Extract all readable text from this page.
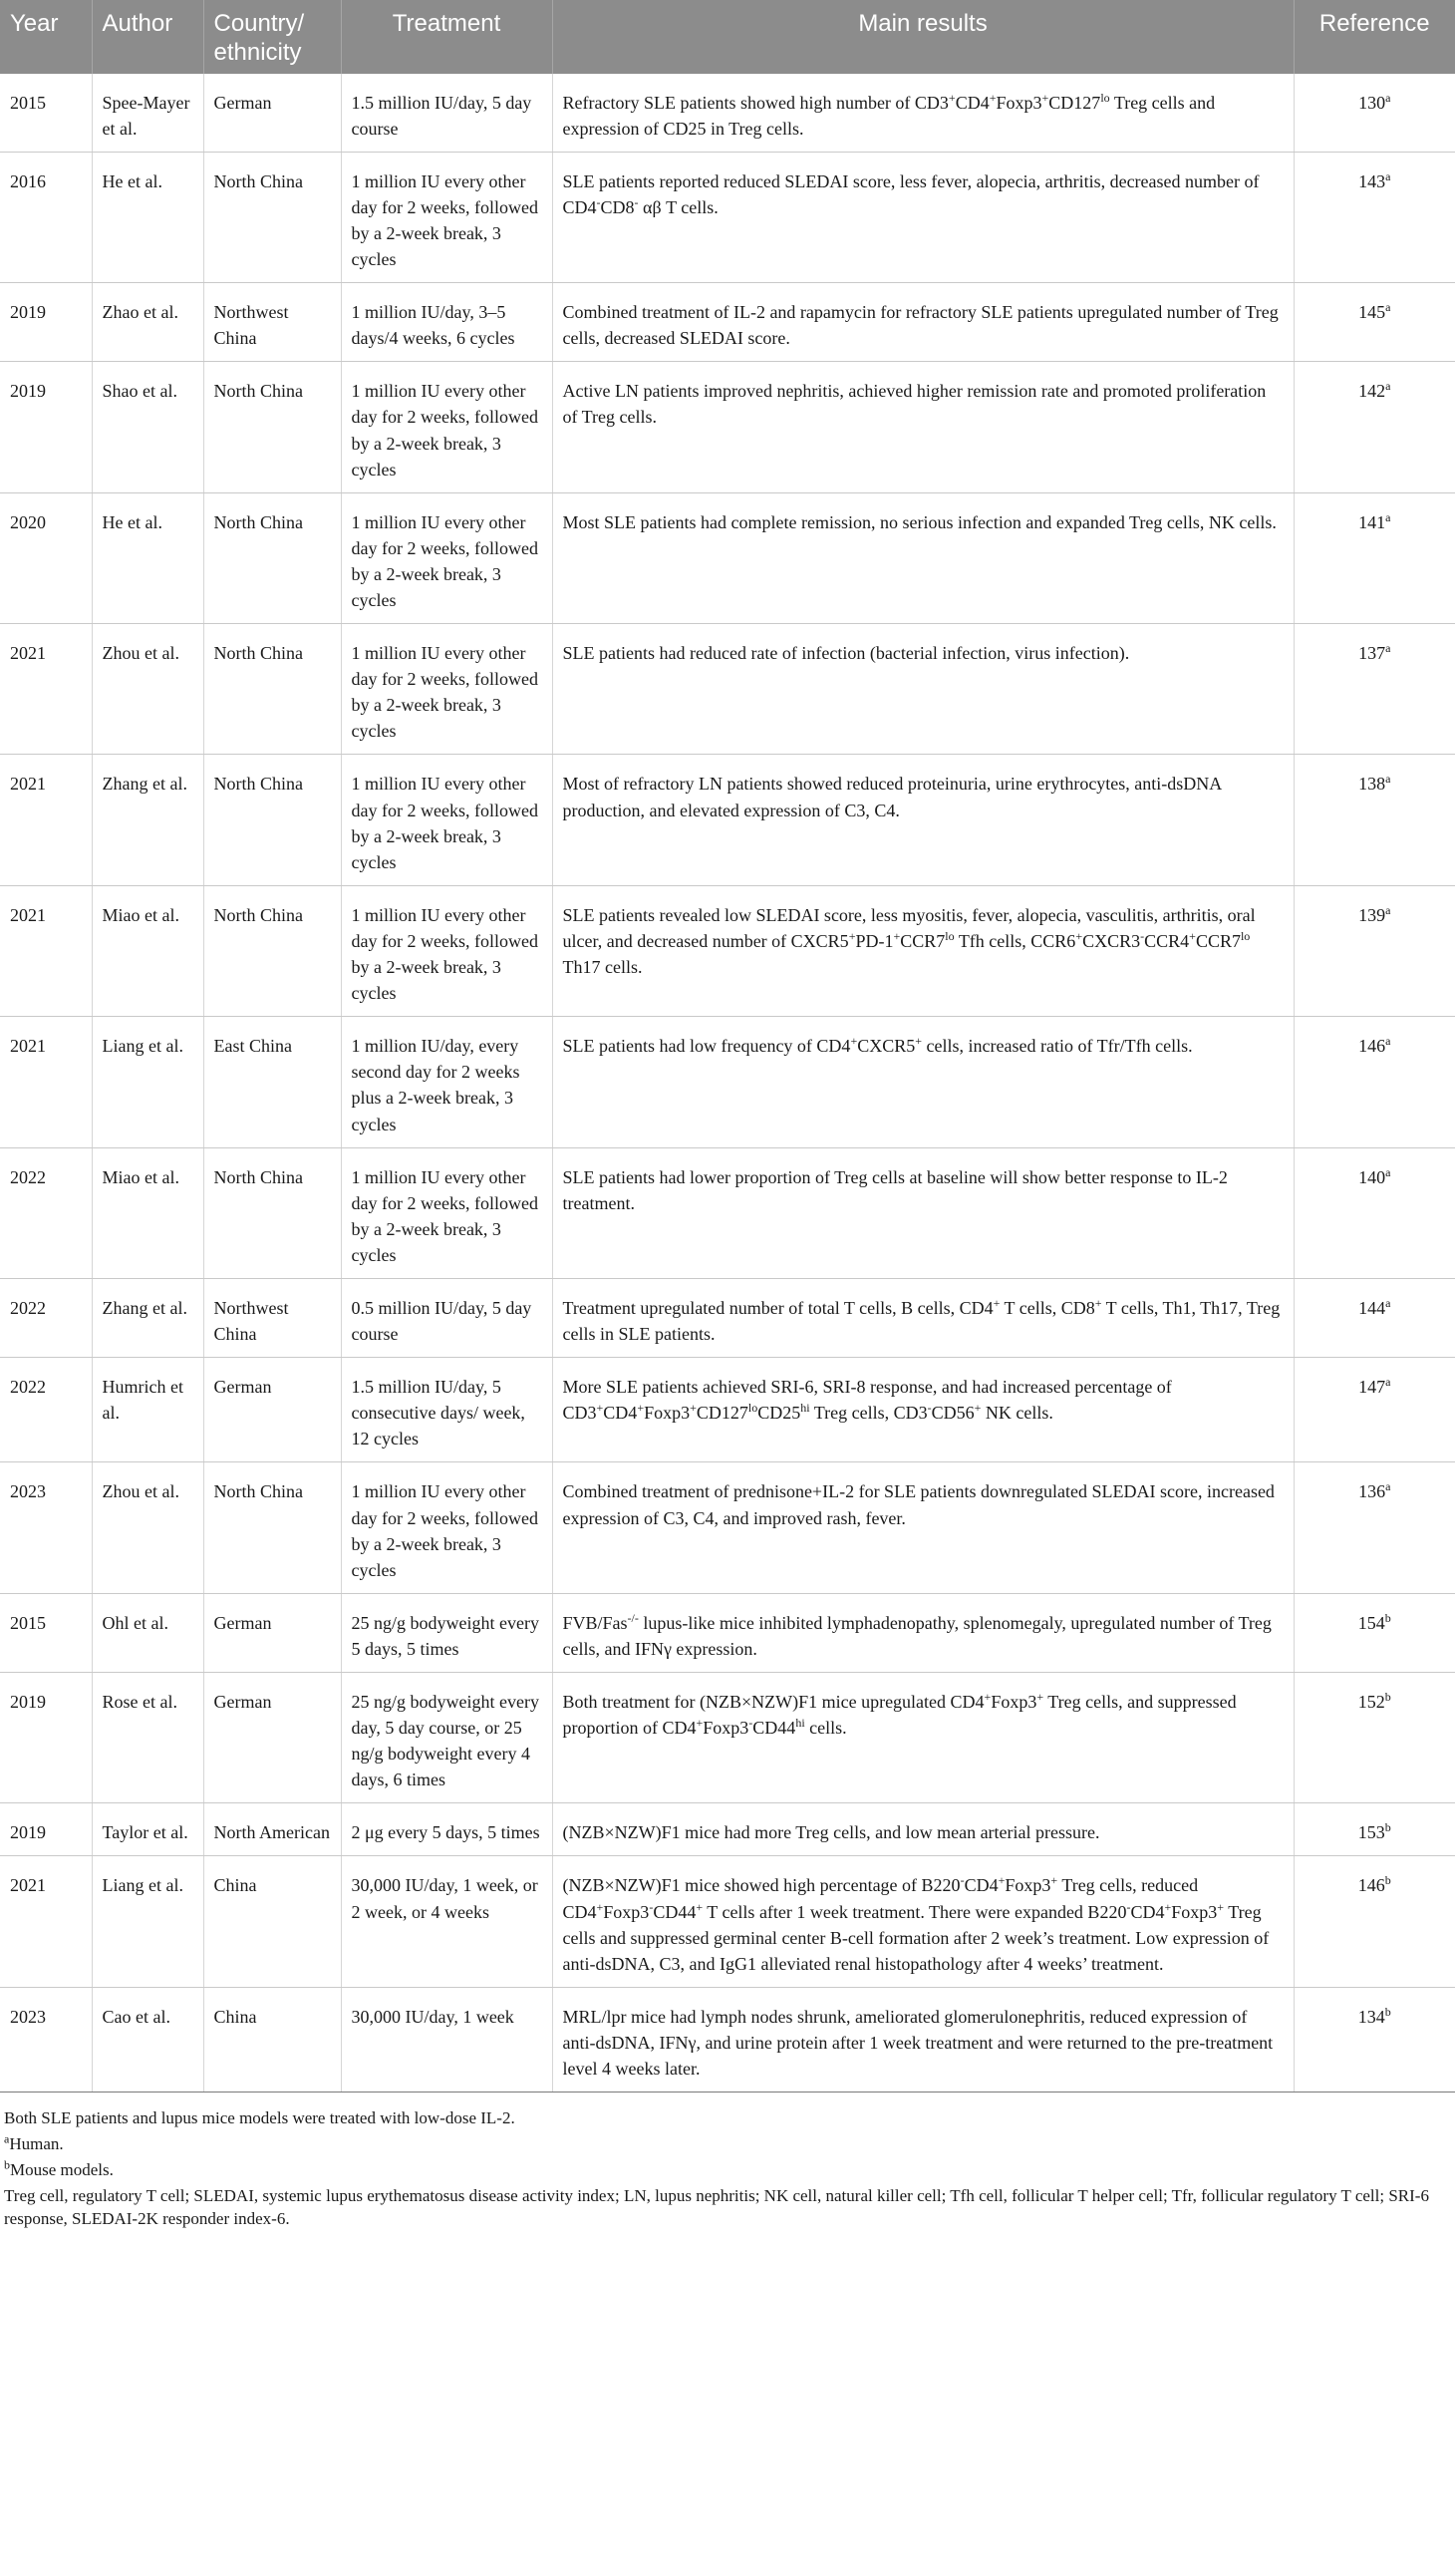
Year	Author	Country/ ethnicity	Treatment	Main results	Reference
2015	Spee-Mayer et al.	German	1.5 million IU/day, 5 day course	Refractory SLE patients showed high number of $CD3^+CD4^+Foxp3^+CD127^{lo}$ Treg cells and expression of CD25 in Treg cells.	130$^a$
2016	He et al.	North China	1 million IU every other day for 2 weeks, followed by a 2-week break, 3 cycles	SLE patients reported reduced SLEDAI score, less fever, alopecia, arthritis, decreased number of CD4-CD8- αβ T cells.	143$^a$
2019	Zhao et al.	Northwest China	1 million IU/day, 3–5 days/4 weeks, 6 cycles	Combined treatment of IL-2 and rapamycin for refractory SLE patients upregulated number of Treg cells, decreased SLEDAI score.	145$^a$
2019	Shao et al.	North China	1 million IU every other day for 2 weeks, followed by a 2-week break, 3 cycles	Active LN patients improved nephritis, achieved higher remission rate and promoted proliferation of Treg cells.	142$^a$
2020	He et al.	North China	1 million IU every other day for 2 weeks, followed by a 2-week break, 3 cycles	Most SLE patients had complete remission, no serious infection and expanded Treg cells, NK cells.	141$^a$
2021	Zhou et al.	North China	1 million IU every other day for 2 weeks, followed by a 2-week break, 3 cycles	SLE patients had reduced rate of infection (bacterial infection, virus infection).	137$^a$
2021	Zhang et al.	North China	1 million IU every other day for 2 weeks, followed by a 2-week break, 3 cycles	Most of refractory LN patients showed reduced proteinuria, urine erythrocytes, anti-dsDNA production, and elevated expression of C3, C4.	138$^a$
2021	Miao et al.	North China	1 million IU every other day for 2 weeks, followed by a 2-week break, 3 cycles	SLE patients revealed low SLEDAI score, less myositis, fever, alopecia, vasculitis, arthritis, oral ulcer, and decreased number of $CXCR5^+PD-1^+CCR7^{lo}$ Tfh cells, $CCR6^+CXCR3^-CCR4^+CCR7^{lo}$ Th17 cells.	139$^a$
2021	Liang et al.	East China	1 million IU/day, every second day for 2 weeks plus a 2-week break, 3 cycles	SLE patients had low frequency of CD4+CXCR5+ cells, increased ratio of Tfr/Tfh cells.	146$^a$
2022	Miao et al.	North China	1 million IU every other day for 2 weeks, followed by a 2-week break, 3 cycles	SLE patients had lower proportion of Treg cells at baseline will show better response to IL-2 treatment.	140$^a$
2022	Zhang et al.	Northwest China	0.5 million IU/day, 5 day course	Treatment upregulated number of total T cells, B cells, CD4+ T cells, CD8+ T cells, Th1, Th17, Treg cells in SLE patients.	144$^a$
2022	Humrich et al.	German	1.5 million IU/day, 5 consecutive days/ week, 12 cycles	More SLE patients achieved SRI-6, SRI-8 response, and had increased percentage of $CD3^+CD4^+Foxp3^+CD127^{lo}CD25^{hi}$ Treg cells, CD3-CD56+ NK cells.	147$^a$
2023	Zhou et al.	North China	1 million IU every other day for 2 weeks, followed by a 2-week break, 3 cycles	Combined treatment of prednisone+IL-2 for SLE patients downregulated SLEDAI score, increased expression of C3, C4, and improved rash, fever.	136$^a$
2015	Ohl et al.	German	25 ng/g bodyweight every 5 days, 5 times	FVB/Fas-/- lupus-like mice inhibited lymphadenopathy, splenomegaly, upregulated number of Treg cells, and IFNγ expression.	154$^b$
2019	Rose et al.	German	25 ng/g bodyweight every day, 5 day course, or 25 ng/g bodyweight every 4 days, 6 times	Both treatment for (NZB×NZW)F1 mice upregulated CD4+Foxp3+ Treg cells, and suppressed proportion of $CD4^+Foxp3^-CD44^{hi}$ cells.	152$^b$
2019	Taylor et al.	North American	2 μg every 5 days, 5 times	(NZB×NZW)F1 mice had more Treg cells, and low mean arterial pressure.	153$^b$
2021	Liang et al.	China	30,000 IU/day, 1 week, or 2 week, or 4 weeks	(NZB×NZW)F1 mice showed high percentage of B220-CD4+Foxp3+ Treg cells, reduced CD4+Foxp3-CD44+ T cells after 1 week treatment. There were expanded B220-CD4+Foxp3+ Treg cells and suppressed germinal center B-cell formation after 2 week’s treatment. Low expression of anti-dsDNA, C3, and IgG1 alleviated renal histopathology after 4 weeks’ treatment.	146$^b$
2023	Cao et al.	China	30,000 IU/day, 1 week	MRL/lpr mice had lymph nodes shrunk, ameliorated glomerulonephritis, reduced expression of anti-dsDNA, IFNγ, and urine protein after 1 week treatment and were returned to the pre-treatment level 4 weeks later.	134$^b$
Both SLE patients and lupus mice models were treated with low-dose IL-2.
$^a$Human.
$^b$Mouse models.
Treg cell, regulatory T cell; SLEDAI, systemic lupus erythematosus disease activity index; LN, lupus nephritis; NK cell, natural killer cell; Tfh cell, follicular T helper cell; Tfr, follicular regulatory T cell; SRI-6 response, SLEDAI-2K responder index-6.
